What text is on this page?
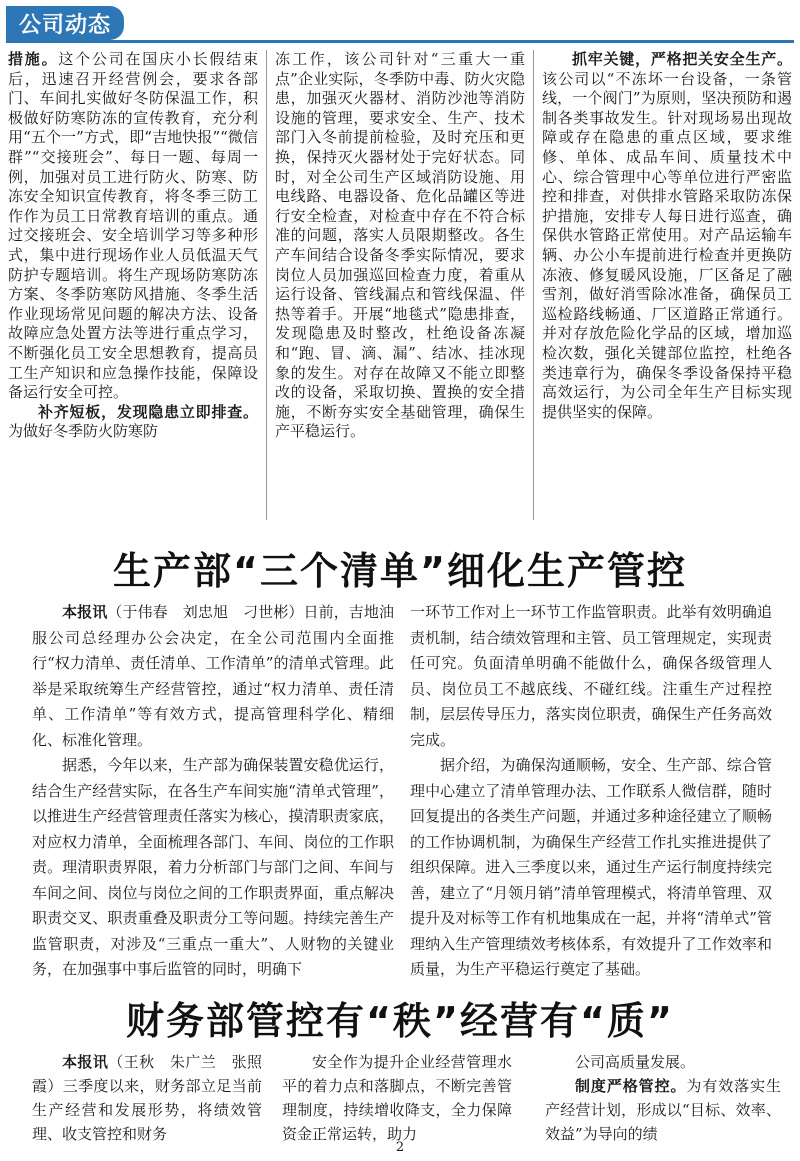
公司动态

措施。这个公司在国庆小长假结束后，迅速召开经营例会，要求各部门、车间扎实做好冬防保温工作，积极做好防寒防冻的宣传教育，充分利用“五个一”方式，即“吉地快报”“微信群”“交接班会”、每日一题、每周一例，加强对员工进行防火、防寒、防冻安全知识宣传教育，将冬季三防工作作为员工日常教育培训的重点。通过交接班会、安全培训学习等多种形式，集中进行现场作业人员低温天气防护专题培训。将生产现场防寒防冻方案、冬季防寒防风措施、冬季生活作业现场常见问题的解决方法、设备故障应急处置方法等进行重点学习，不断强化员工安全思想教育，提高员工生产知识和应急操作技能，保障设备运行安全可控。

补齐短板，发现隐患立即排查。为做好冬季防火防寒防

冻工作，该公司针对“三重大一重点”企业实际，冬季防中毒、防火灾隐患，加强灭火器材、消防沙池等消防设施的管理，要求安全、生产、技术部门入冬前提前检验，及时充压和更换，保持灭火器材处于完好状态。同时，对全公司生产区域消防设施、用电线路、电器设备、危化品罐区等进行安全检查，对检查中存在不符合标准的问题，落实人员限期整改。各生产车间结合设备冬季实际情况，要求岗位人员加强巡回检查力度，着重从运行设备、管线漏点和管线保温、伴热等着手。开展“地毯式”隐患排查，发现隐患及时整改，杜绝设备冻凝和“跑、冒、滴、漏”、结冰、挂冰现象的发生。对存在故障又不能立即整改的设备，采取切换、置换的安全措施，不断夯实安全基础管理，确保生产平稳运行。

抓牢关键，严格把关安全生产。该公司以“不冻坏一台设备，一条管线，一个阀门”为原则，坚决预防和遏制各类事故发生。针对现场易出现故障或存在隐患的重点区域，要求维修、单体、成品车间、质量技术中心、综合管理中心等单位进行严密监控和排查，对供排水管路采取防冻保护措施，安排专人每日进行巡查，确保供水管路正常使用。对产品运输车辆、办公小车提前进行检查并更换防冻液、修复暖风设施，厂区备足了融雪剂，做好消雪除冰准备，确保员工巡检路线畅通、厂区道路正常通行。并对存放危险化学品的区域，增加巡检次数，强化关键部位监控，杜绝各类违章行为，确保冬季设备保持平稳高效运行，为公司全年生产目标实现提供坚实的保障。

生产部“三个清单”细化生产管控

本报讯（于伟春　刘忠旭　刁世彬）日前，吉地油服公司总经理办公会决定，在全公司范围内全面推行“权力清单、责任清单、工作清单”的清单式管理。此举是采取统筹生产经营管控，通过“权力清单、责任清单、工作清单”等有效方式，提高管理科学化、精细化、标准化管理。

据悉，今年以来，生产部为确保装置安稳优运行，结合生产经营实际，在各生产车间实施“清单式管理”，以推进生产经营管理责任落实为核心，摸清职责家底，对应权力清单，全面梳理各部门、车间、岗位的工作职责。理清职责界限，着力分析部门与部门之间、车间与车间之间、岗位与岗位之间的工作职责界面，重点解决职责交叉、职责重叠及职责分工等问题。持续完善生产监管职责，对涉及“三重点一重大”、人财物的关键业务，在加强事中事后监管的同时，明确下

一环节工作对上一环节工作监管职责。此举有效明确追责机制，结合绩效管理和主管、员工管理规定，实现责任可究。负面清单明确不能做什么，确保各级管理人员、岗位员工不越底线、不碰红线。注重生产过程控制，层层传导压力，落实岗位职责，确保生产任务高效完成。

据介绍，为确保沟通顺畅，安全、生产部、综合管理中心建立了清单管理办法、工作联系人微信群，随时回复提出的各类生产问题，并通过多种途径建立了顺畅的工作协调机制，为确保生产经营工作扎实推进提供了组织保障。进入三季度以来，通过生产运行制度持续完善，建立了“月领月销”清单管理模式，将清单管理、双提升及对标等工作有机地集成在一起，并将“清单式”管理纳入生产管理绩效考核体系，有效提升了工作效率和质量，为生产平稳运行奠定了基础。

财务部管控有“秩”经营有“质”

本报讯（王秋　朱广兰　张照霞）三季度以来，财务部立足当前生产经营和发展形势，将绩效管理、收支管控和财务

安全作为提升企业经营管理水平的着力点和落脚点，不断完善管理制度，持续增收降支，全力保障资金正常运转，助力

公司高质量发展。

制度严格管控。为有效落实生产经营计划，形成以“目标、效率、效益”为导向的绩

2
